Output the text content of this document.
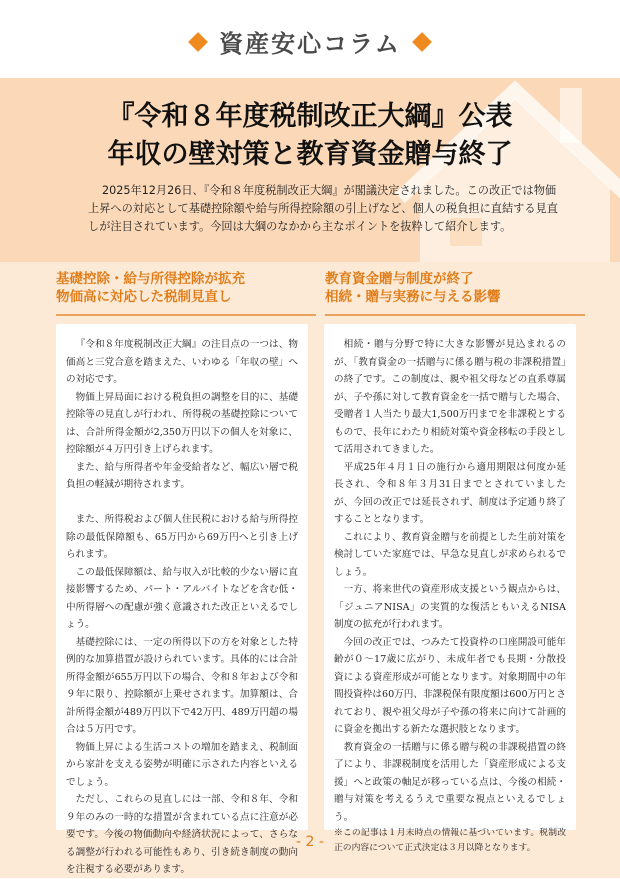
資産安心コラム
『令和８年度税制改正大綱』公表
年収の壁対策と教育資金贈与終了
2025年12月26日、『令和８年度税制改正大綱』が閣議決定されました。この改正では物価上昇への対応として基礎控除額や給与所得控除額の引上げなど、個人の税負担に直結する見直しが注目されています。今回は大綱のなかから主なポイントを抜粋して紹介します。
基礎控除・給与所得控除が拡充
物価高に対応した税制見直し
教育資金贈与制度が終了
相続・贈与実務に与える影響

『令和８年度税制改正大綱』の注目点の一つは、物価高と三党合意を踏まえた、いわゆる「年収の壁」への対応です。

物価上昇局面における税負担の調整を目的に、基礎控除等の見直しが行われ、所得税の基礎控除については、合計所得金額が2,350万円以下の個人を対象に、控除額が４万円引き上げられます。

また、給与所得者や年金受給者など、幅広い層で税負担の軽減が期待されます。

また、所得税および個人住民税における給与所得控除の最低保障額も、65万円から69万円へと引き上げられます。

この最低保障額は、給与収入が比較的少ない層に直接影響するため、パート・アルバイトなどを含む低・中所得層への配慮が強く意識された改正といえるでしょう。

基礎控除には、一定の所得以下の方を対象とした特例的な加算措置が設けられています。具体的には合計所得金額が655万円以下の場合、令和８年および令和９年に限り、控除額が上乗せされます。加算額は、合計所得金額が489万円以下で42万円、489万円超の場合は５万円です。

物価上昇による生活コストの増加を踏まえ、税制面から家計を支える姿勢が明確に示された内容といえるでしょう。

ただし、これらの見直しには一部、令和８年、令和９年のみの一時的な措置が含まれている点に注意が必要です。今後の物価動向や経済状況によって、さらなる調整が行われる可能性もあり、引き続き制度の動向を注視する必要があります。

相続・贈与分野で特に大きな影響が見込まれるのが、「教育資金の一括贈与に係る贈与税の非課税措置」の終了です。この制度は、親や祖父母などの直系尊属が、子や孫に対して教育資金を一括で贈与した場合、受贈者１人当たり最大1,500万円までを非課税とするもので、長年にわたり相続対策や資金移転の手段として活用されてきました。

平成25年４月１日の施行から適用期限は何度か延長され、令和８年３月31日までとされていましたが、今回の改正では延長されず、制度は予定通り終了することとなります。

これにより、教育資金贈与を前提とした生前対策を検討していた家庭では、早急な見直しが求められるでしょう。

一方、将来世代の資産形成支援という観点からは、「ジュニアNISA」の実質的な復活ともいえるNISA制度の拡充が行われます。

今回の改正では、つみたて投資枠の口座開設可能年齢が０～17歳に広がり、未成年者でも長期・分散投資による資産形成が可能となります。対象期間中の年間投資枠は60万円、非課税保有限度額は600万円とされており、親や祖父母が子や孫の将来に向けて計画的に資金を拠出する新たな選択肢となります。

教育資金の一括贈与に係る贈与税の非課税措置の終了により、非課税制度を活用した「資産形成による支援」へと政策の軸足が移っている点は、今後の相続・贈与対策を考えるうえで重要な視点といえるでしょう。

※この記事は１月末時点の情報に基づいています。税制改正の内容について正式決定は３月以降となります。

- 2 -
